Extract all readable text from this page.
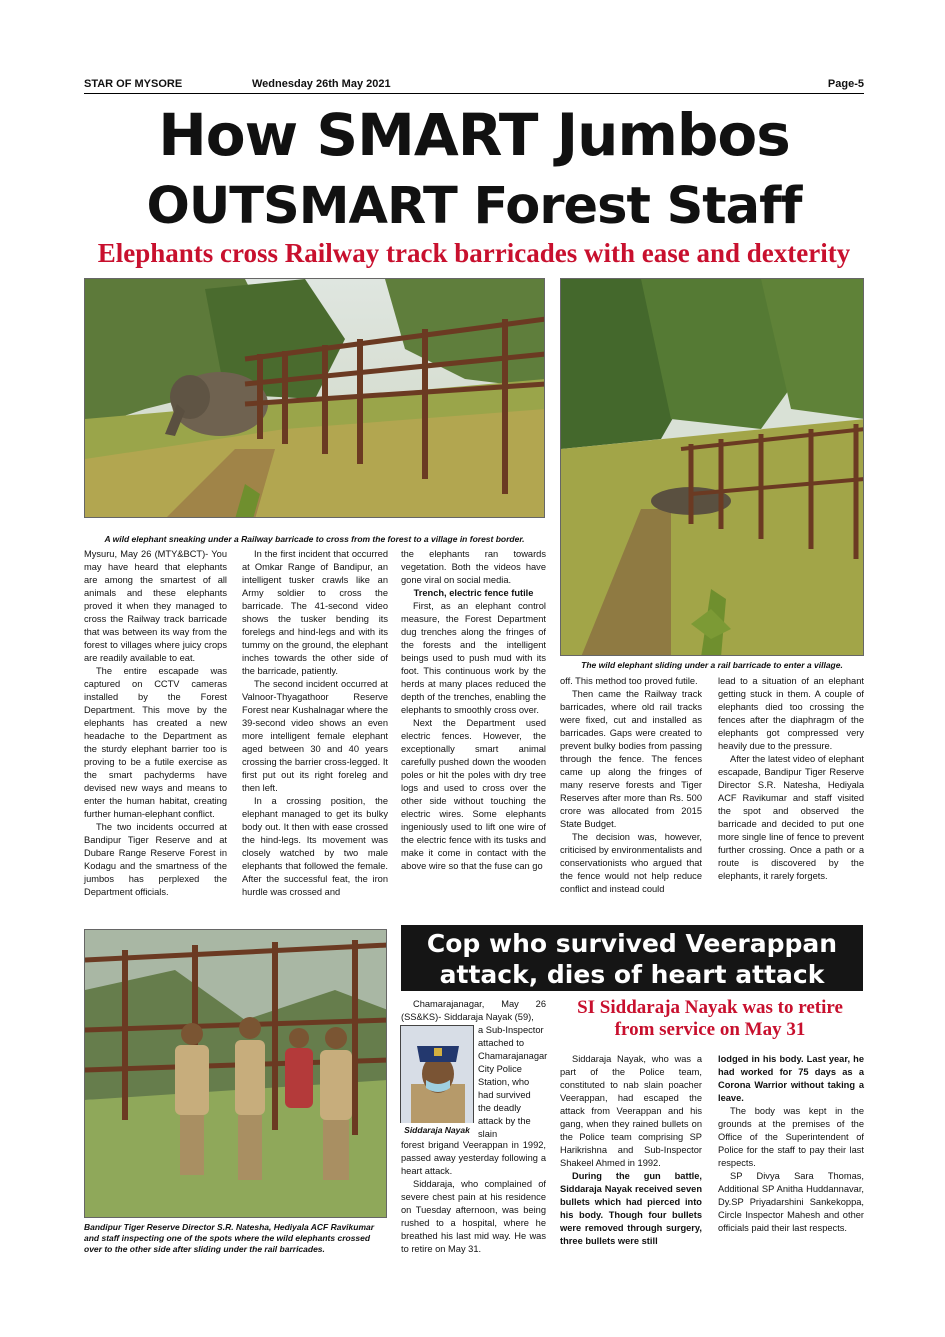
STAR OF MYSORE	Wednesday 26th May 2021	Page-5
How SMART Jumbos
OUTSMART Forest Staff
Elephants cross Railway track barricades with ease and dexterity
A wild elephant sneaking under a Railway barricade to cross from the forest to a village in forest border.
The wild elephant sliding under a rail barricade to enter a village.

Mysuru, May 26 (MTY&BCT)- You may have heard that elephants are among the smartest of all animals and these elephants proved it when they managed to cross the Railway track barricade that was between its way from the forest to villages where juicy crops are readily available to eat.

The entire escapade was captured on CCTV cameras installed by the Forest Department. This move by the elephants has created a new headache to the Department as the sturdy elephant barrier too is proving to be a futile exercise as the smart pachyderms have devised new ways and means to enter the human habitat, creating further human-elephant conflict.

The two incidents occurred at Bandipur Tiger Reserve and at Dubare Range Reserve Forest in Kodagu and the smartness of the jumbos has perplexed the Department officials.

In the first incident that occurred at Omkar Range of Bandipur, an intelligent tusker crawls like an Army soldier to cross the barricade. The 41-second video shows the tusker bending its forelegs and hind-legs and with its tummy on the ground, the elephant inches towards the other side of the barricade, patiently.

The second incident occurred at Valnoor-Thyagathoor Reserve Forest near Kushalnagar where the 39-second video shows an even more intelligent female elephant aged between 30 and 40 years crossing the barrier cross-legged. It first put out its right foreleg and then left.

In a crossing position, the elephant managed to get its bulky body out. It then with ease crossed the hind-legs. Its movement was closely watched by two male elephants that followed the female. After the successful feat, the iron hurdle was crossed and

the elephants ran towards vegetation. Both the videos have gone viral on social media.

Trench, electric fence futile

First, as an elephant control measure, the Forest Department dug trenches along the fringes of the forests and the intelligent beings used to push mud with its foot. This continuous work by the herds at many places reduced the depth of the trenches, enabling the elephants to smoothly cross over.

Next the Department used electric fences. However, the exceptionally smart animal carefully pushed down the wooden poles or hit the poles with dry tree logs and used to cross over the other side without touching the electric wires. Some elephants ingeniously used to lift one wire of the electric fence with its tusks and make it come in contact with the above wire so that the fuse can go

off. This method too proved futile.

Then came the Railway track barricades, where old rail tracks were fixed, cut and installed as barricades. Gaps were created to prevent bulky bodies from passing through the fence. The fences came up along the fringes of many reserve forests and Tiger Reserves after more than Rs. 500 crore was allocated from 2015 State Budget.

The decision was, however, criticised by environmentalists and conservationists who argued that the fence would not help reduce conflict and instead could

lead to a situation of an elephant getting stuck in them. A couple of elephants died too crossing the fences after the diaphragm of the elephants got compressed very heavily due to the pressure.

After the latest video of elephant escapade, Bandipur Tiger Reserve Director S.R. Natesha, Hediyala ACF Ravikumar and staff visited the spot and observed the barricade and decided to put one more single line of fence to prevent further crossing. Once a path or a route is discovered by the elephants, it rarely forgets.

Bandipur Tiger Reserve Director S.R. Natesha, Hediyala ACF Ravikumar and staff inspecting one of the spots where the wild elephants crossed over to the other side after sliding under the rail barricades.
Cop who survived Veerappan
attack, dies of heart attack
SI Siddaraja Nayak was to retire from service on May 31
Siddaraja Nayak

Chamarajanagar, May 26 (SS&KS)- Siddaraja Nayak (59),

a Sub-Inspector attached to Chamarajanagar City Police Station, who had survived the deadly attack by the slain

forest brigand Veerappan in 1992, passed away yesterday following a heart attack.

Siddaraja, who complained of severe chest pain at his residence on Tuesday afternoon, was being rushed to a hospital, where he breathed his last mid way. He was to retire on May 31.

Siddaraja Nayak, who was a part of the Police team, constituted to nab slain poacher Veerappan, had escaped the attack from Veerappan and his gang, when they rained bullets on the Police team comprising SP Harikrishna and Sub-Inspector Shakeel Ahmed in 1992.

During the gun battle, Siddaraja Nayak received seven bullets which had pierced into his body. Though four bullets were removed through surgery, three bullets were still

lodged in his body. Last year, he had worked for 75 days as a Corona Warrior without taking a leave.

The body was kept in the grounds at the premises of the Office of the Superintendent of Police for the staff to pay their last respects.

SP Divya Sara Thomas, Additional SP Anitha Huddannavar, Dy.SP Priyadarshini Sankekoppa, Circle Inspector Mahesh and other officials paid their last respects.
